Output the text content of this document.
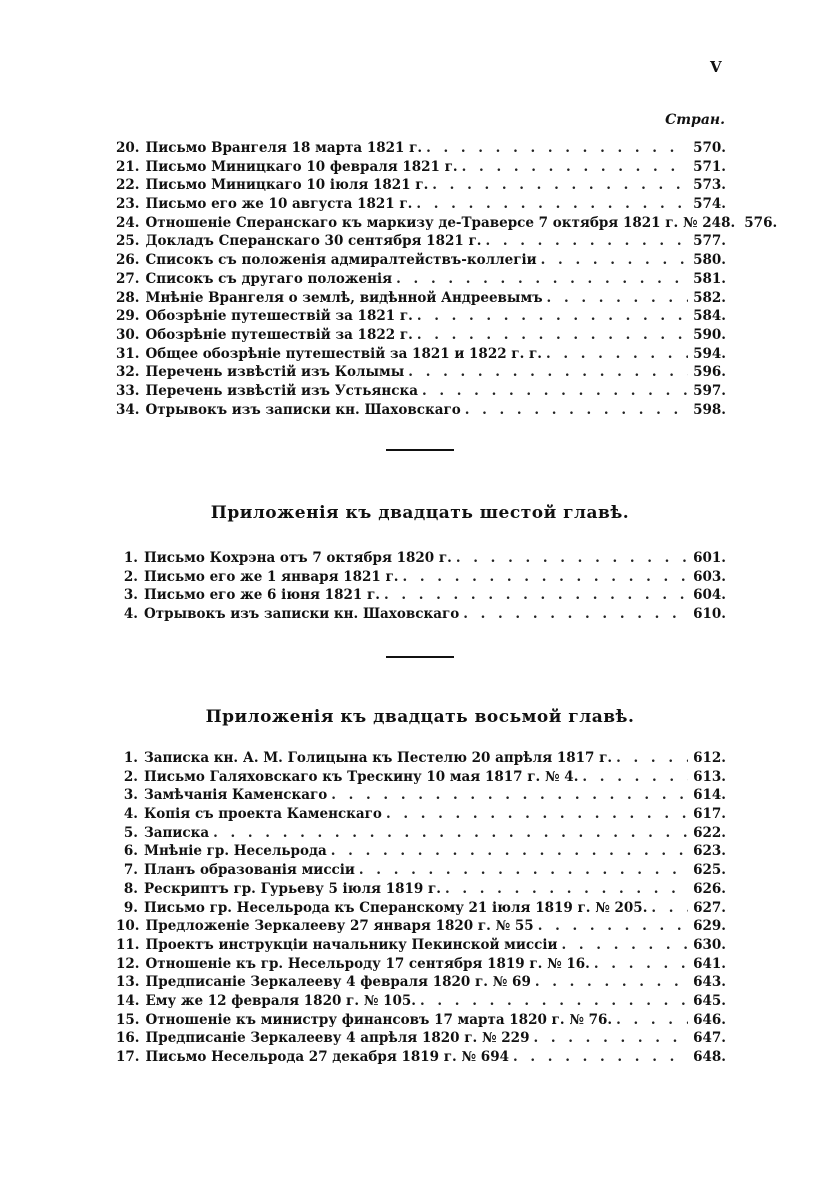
V
Стран.
20. Письмо Врангеля 18 марта 1821 г. . . .	570.
21. Письмо Миницкаго 10 февраля 1821 г. . . .	571.
22. Письмо Миницкаго 10 іюля 1821 г. . . .	573.
23. Письмо его же 10 августа 1821 г. . . .	574.
24. Отношеніе Сперанскаго къ маркизу де-Траверсе 7 октября 1821 г. № 248. 576.
25. Докладъ Сперанскаго 30 сентября 1821 г. . . .	577.
26. Списокъ съ положенія адмиралтействъ-коллегіи . . .	580.
27. Списокъ съ другаго положенія . . .	581.
28. Мнѣніе Врангеля о землѣ, видѣнной Андреевымъ . . .	582.
29. Обозрѣніе путешествій за 1821 г. . . .	584.
30. Обозрѣніе путешествій за 1822 г. . . .	590.
31. Общее обозрѣніе путешествій за 1821 и 1822 г. г. . . .	594.
32. Перечень извѣстій изъ Колымы . . .	596.
33. Перечень извѣстій изъ Устьянска . . .	597.
34. Отрывокъ изъ записки кн. Шаховскаго . . .	598.
Приложенія къ двадцать шестой главѣ.
1. Письмо Кохрэна отъ 7 октября 1820 г. . . .	601.
2. Письмо его же 1 января 1821 г. . . .	603.
3. Письмо его же 6 іюня 1821 г. . . .	604.
4. Отрывокъ изъ записки кн. Шаховскаго . . .	610.
Приложенія къ двадцать восьмой главѣ.
1. Записка кн. А. М. Голицына къ Пестелю 20 апрѣля 1817 г. . . .	612.
2. Письмо Галяховскаго къ Трескину 10 мая 1817 г. № 4. . . .	613.
3. Замѣчанія Каменскаго . . .	614.
4. Копія съ проекта Каменскаго . . .	617.
5. Записка . . .	622.
6. Мнѣніе гр. Несельрода . . .	623.
7. Планъ образованія миссіи . . .	625.
8. Рескриптъ гр. Гурьеву 5 іюля 1819 г. . . .	626.
9. Письмо гр. Несельрода къ Сперанскому 21 іюля 1819 г. № 205. . . .	627.
10. Предложеніе Зеркалееву 27 января 1820 г. № 55 . . .	629.
11. Проектъ инструкціи начальнику Пекинской миссіи . . .	630.
12. Отношеніе къ гр. Несельроду 17 сентября 1819 г. № 16. . . .	641.
13. Предписаніе Зеркалееву 4 февраля 1820 г. № 69 . . .	643.
14. Ему же 12 февраля 1820 г. № 105. . . .	645.
15. Отношеніе къ министру финансовъ 17 марта 1820 г. № 76. . . .	646.
16. Предписаніе Зеркалееву 4 апрѣля 1820 г. № 229 . . .	647.
17. Письмо Несельрода 27 декабря 1819 г. № 694 . . .	648.
